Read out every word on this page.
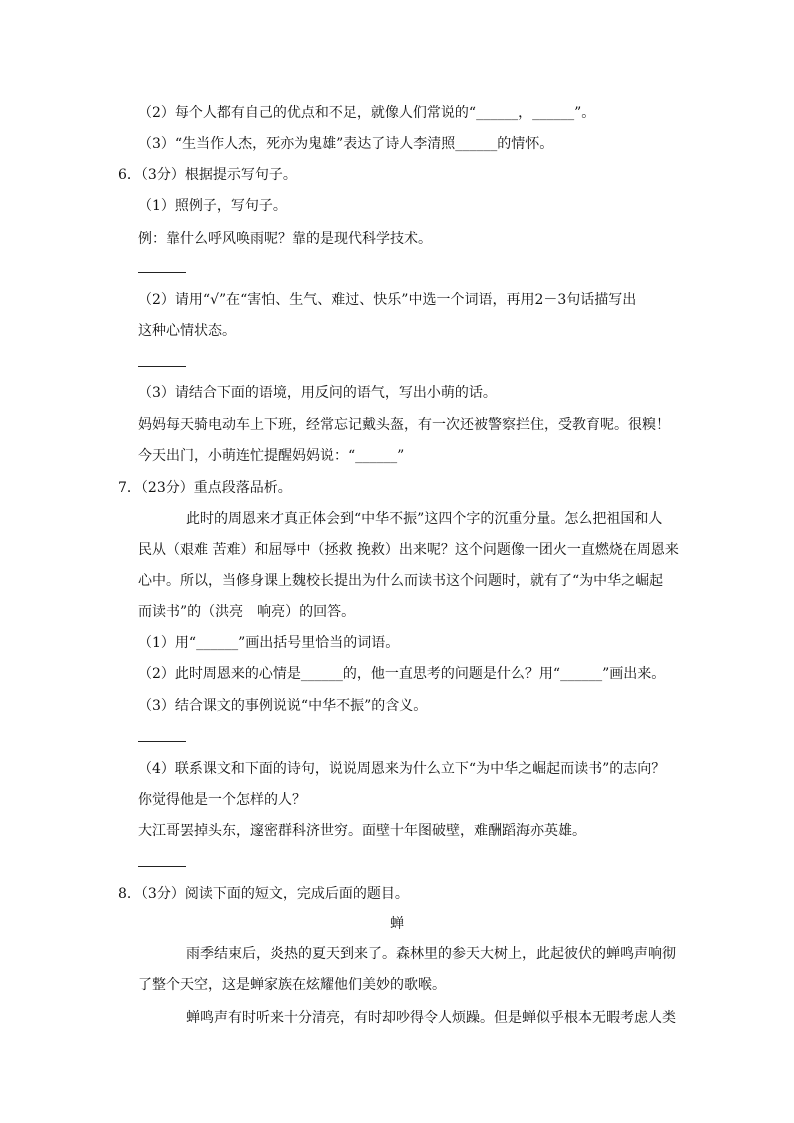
（2）每个人都有自己的优点和不足，就像人们常说的“______，______”。
（3）“生当作人杰，死亦为鬼雄”表达了诗人李清照______的情怀。
6．（3分）根据提示写句子。
（1）照例子，写句子。
例：靠什么呼风唤雨呢？靠的是现代科学技术。
（2）请用“√”在“害怕、生气、难过、快乐”中选一个词语，再用2－3句话描写出
这种心情状态。
（3）请结合下面的语境，用反问的语气，写出小萌的话。
妈妈每天骑电动车上下班，经常忘记戴头盔，有一次还被警察拦住，受教育呢。很糗！
今天出门，小萌连忙提醒妈妈说：“______”
7．（23分）重点段落品析。
此时的周恩来才真正体会到“中华不振”这四个字的沉重分量。怎么把祖国和人
民从（艰难 苦难）和屈辱中（拯救 挽救）出来呢？这个问题像一团火一直燃烧在周恩来
心中。所以，当修身课上魏校长提出为什么而读书这个问题时，就有了“为中华之崛起
而读书”的（洪亮　响亮）的回答。
（1）用“______”画出括号里恰当的词语。
（2）此时周恩来的心情是______的，他一直思考的问题是什么？用“______”画出来。
（3）结合课文的事例说说“中华不振”的含义。
（4）联系课文和下面的诗句，说说周恩来为什么立下“为中华之崛起而读书”的志向？
你觉得他是一个怎样的人？
大江哥罢掉头东，邃密群科济世穷。面壁十年图破壁，难酬蹈海亦英雄。
8．（3分）阅读下面的短文，完成后面的题目。
蝉
雨季结束后，炎热的夏天到来了。森林里的参天大树上，此起彼伏的蝉鸣声响彻
了整个天空，这是蝉家族在炫耀他们美妙的歌喉。
蝉鸣声有时听来十分清亮，有时却吵得令人烦躁。但是蝉似乎根本无暇考虑人类
